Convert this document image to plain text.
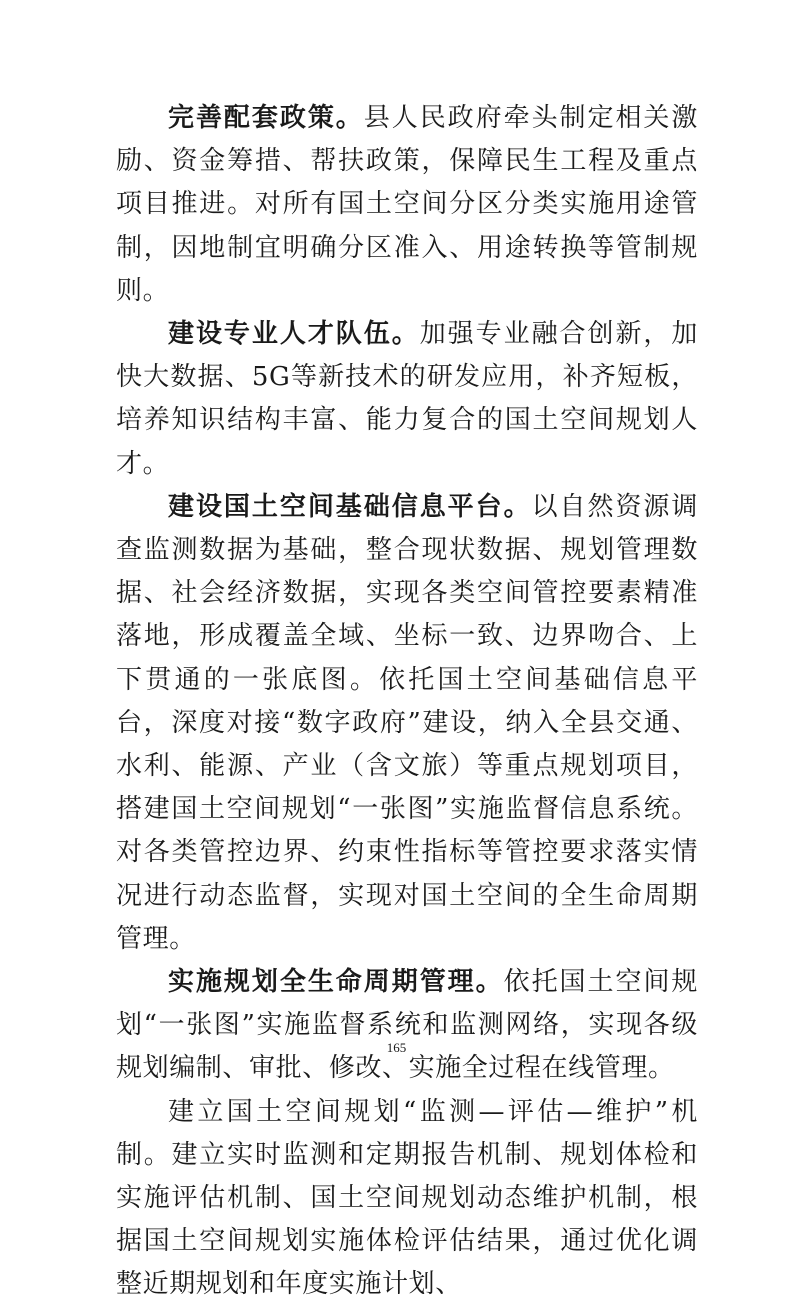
完善配套政策。县人民政府牵头制定相关激励、资金筹措、帮扶政策，保障民生工程及重点项目推进。对所有国土空间分区分类实施用途管制，因地制宜明确分区准入、用途转换等管制规则。

建设专业人才队伍。加强专业融合创新，加快大数据、5G等新技术的研发应用，补齐短板，培养知识结构丰富、能力复合的国土空间规划人才。

建设国土空间基础信息平台。以自然资源调查监测数据为基础，整合现状数据、规划管理数据、社会经济数据，实现各类空间管控要素精准落地，形成覆盖全域、坐标一致、边界吻合、上下贯通的一张底图。依托国土空间基础信息平台，深度对接“数字政府”建设，纳入全县交通、水利、能源、产业（含文旅）等重点规划项目，搭建国土空间规划“一张图”实施监督信息系统。对各类管控边界、约束性指标等管控要求落实情况进行动态监督，实现对国土空间的全生命周期管理。

实施规划全生命周期管理。依托国土空间规划“一张图”实施监督系统和监测网络，实现各级规划编制、审批、修改、实施全过程在线管理。

建立国土空间规划“监测—评估—维护”机制。建立实时监测和定期报告机制、规划体检和实施评估机制、国土空间规划动态维护机制，根据国土空间规划实施体检评估结果，通过优化调整近期规划和年度实施计划、

165
